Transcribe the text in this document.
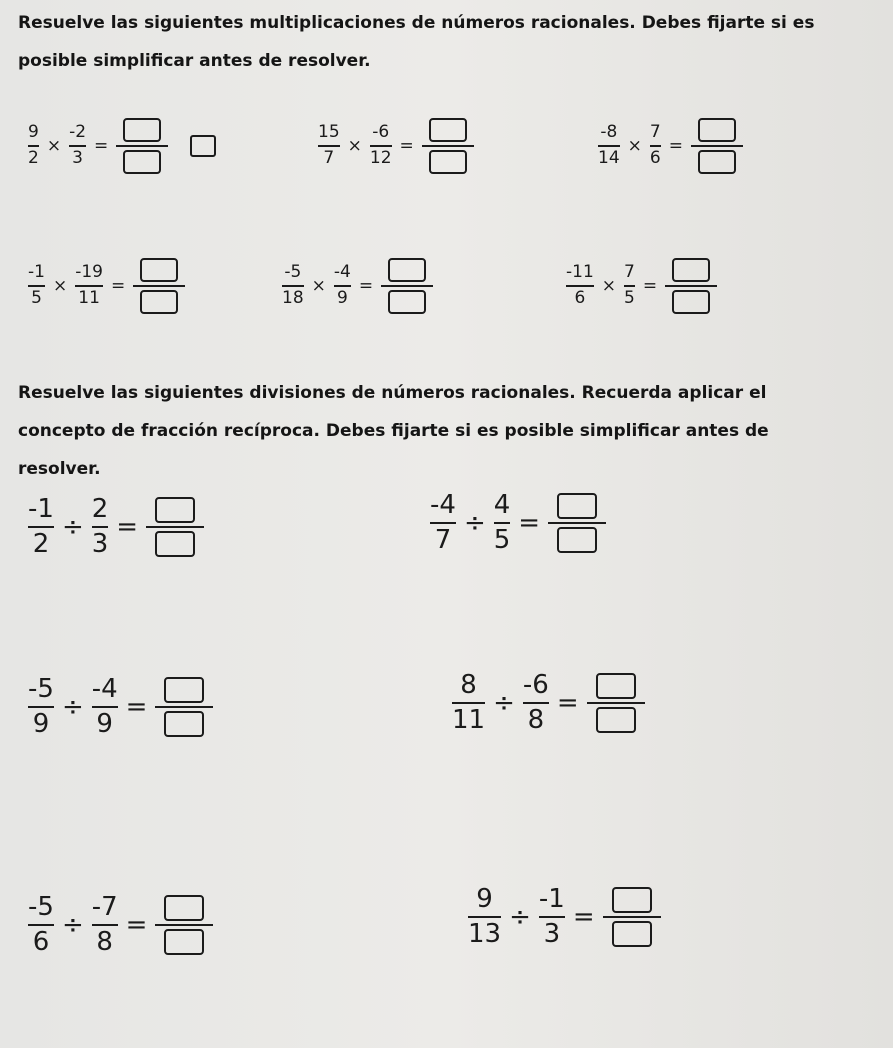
Resuelve las siguientes multiplicaciones de números racionales. Debes fijarte si es posible simplificar antes de resolver.
$\frac{9}{2} \times \frac{-2}{3}$ =	$\frac{15}{7} \times \frac{-6}{12}$ =	$\frac{-8}{14} \times \frac{7}{6}$ =
$\frac{-1}{5} \times \frac{-19}{11}$ =	$\frac{-5}{18} \times \frac{-4}{9}$ =	$\frac{-11}{6} \times \frac{7}{5}$ =
Resuelve las siguientes divisiones de números racionales. Recuerda aplicar el concepto de fracción recíproca. Debes fijarte si es posible simplificar antes de resolver.
$\frac{-1}{2} \div \frac{2}{3}$ =	$\frac{-4}{7} \div \frac{4}{5}$ =
$\frac{-5}{9} \div \frac{-4}{9}$ =	$\frac{8}{11} \div \frac{-6}{8}$ =
$\frac{-5}{6} \div \frac{-7}{8}$ =	$\frac{9}{13} \div \frac{-1}{3}$ =
